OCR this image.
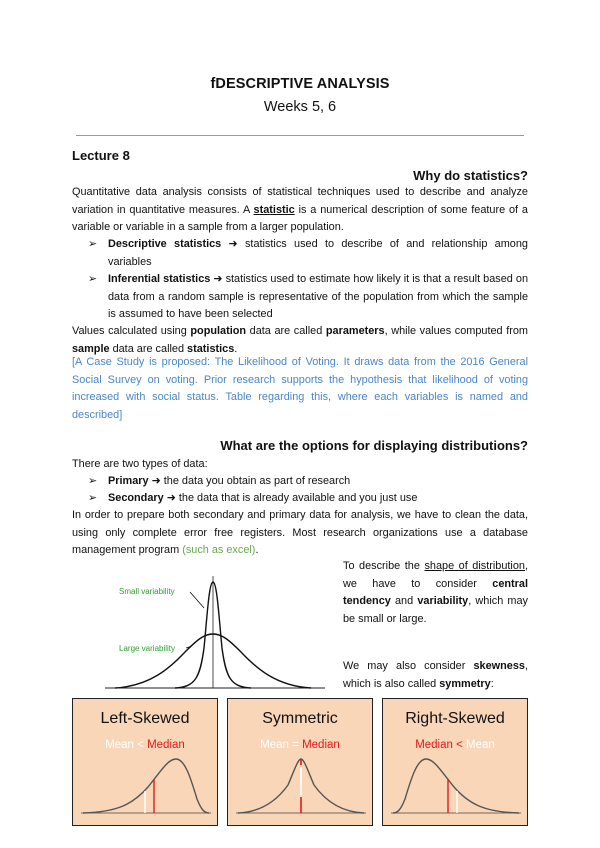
fDESCRIPTIVE ANALYSIS
Weeks 5, 6
Lecture 8
Why do statistics?
Quantitative data analysis consists of statistical techniques used to describe and analyze variation in quantitative measures. A statistic is a numerical description of some feature of a variable or variable in a sample from a larger population.
➢ Descriptive statistics ➜ statistics used to describe of and relationship among variables
➢ Inferential statistics ➜ statistics used to estimate how likely it is that a result based on data from a random sample is representative of the population from which the sample is assumed to have been selected
Values calculated using population data are called parameters, while values computed from sample data are called statistics.
[A Case Study is proposed: The Likelihood of Voting. It draws data from the 2016 General Social Survey on voting. Prior research supports the hypothesis that likelihood of voting increased with social status. Table regarding this, where each variables is named and described]
What are the options for displaying distributions?
There are two types of data:
➢ Primary ➜ the data you obtain as part of research
➢ Secondary ➜ the data that is already available and you just use
In order to prepare both secondary and primary data for analysis, we have to clean the data, using only complete error free registers. Most research organizations use a database management program (such as excel).
To describe the shape of distribution, we have to consider central tendency and variability, which may be small or large.
We may also consider skewness, which is also called symmetry:
Small variability
Large variability
Left-Skewed
Mean < Median
Symmetric
Mean = Median
Right-Skewed
Median < Mean
